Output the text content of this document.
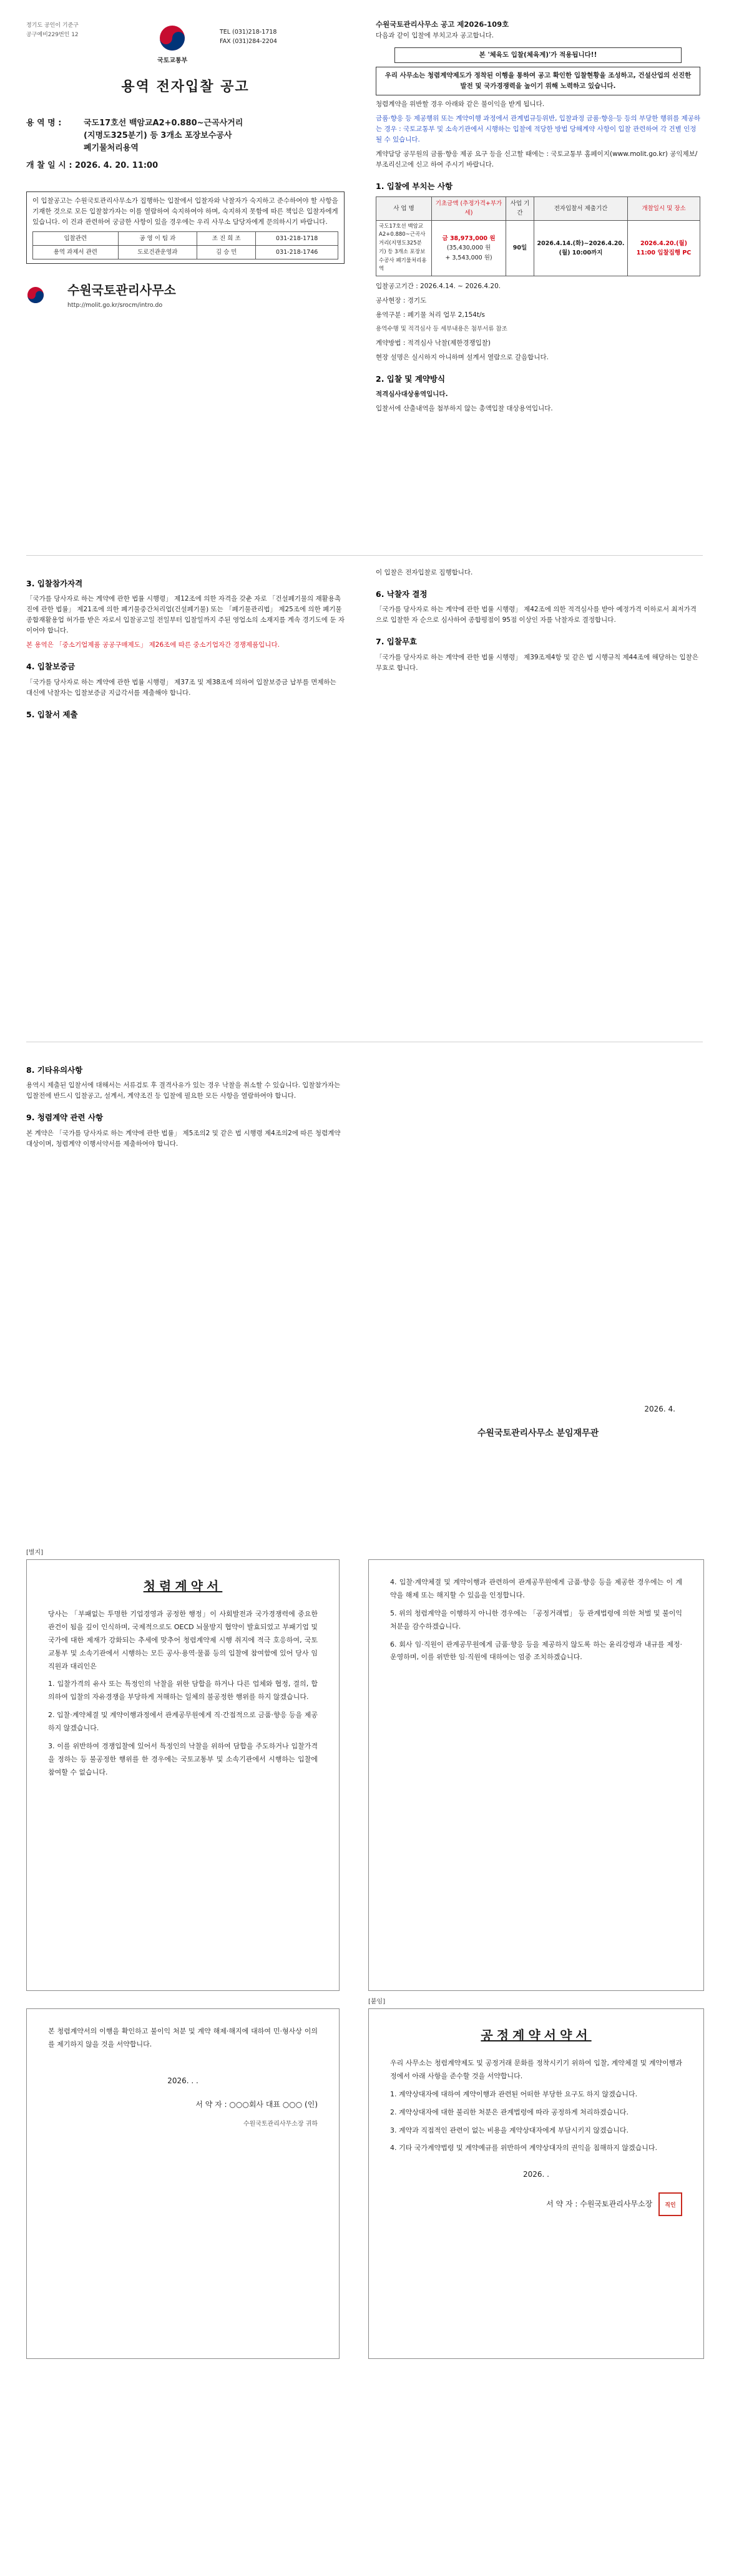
정기도 공인이 기준구
공구예비229번인 12
국토교통부
TEL (031)218-1718
FAX (031)284-2204
용역 전자입찰 공고
용 역 명 :	국도17호선 백암교A2+0.880~근곡사거리
(지명도325분기) 등 3개소 포장보수공사
폐기물처리용역
개 찰 일 시 : 2026. 4. 20. 11:00

이 입찰공고는 수원국토관리사무소가 집행하는 입찰에서 입찰자와 낙찰자가 숙지하고 준수하여야 할 사항을 기재한 것으로 모든 입찰참가자는 이를 열람하여 숙지하여야 하며, 숙지하지 못함에 따른 책임은 입찰자에게 있습니다. 이 건과 관련하여 궁금한 사항이 있을 경우에는 우리 사무소 담당자에게 문의하시기 바랍니다.

입찰관련	공 영 이 팀 과	조 진 희 조	031-218-1718
용역 과제서 관련	도로건관운영과	김 승 민	031-218-1746
수원국토관리사무소
http://molit.go.kr/srocm/intro.do
수원국토관리사무소 공고 제2026-109호
다음과 같이 입찰에 부치고자 공고합니다.
본 '체육도 입찰(체육계)'가 적용됩니다!!
우리 사무소는 청렴계약제도가 정착된 이행을 통하여 공고 확인한 입찰현황을 조성하고, 건설산업의 선진한 발전 및 국가경쟁력을 높이기 위해 노력하고 있습니다.

청렴계약을 위반할 경우 아래와 같은 불이익을 받게 됩니다.

금품·향응 등 제공행위 또는 계약이행 과정에서 관계법규등위반, 입찰과정 금품·향응·등 등의 부당한 행위를 제공하는 경우 : 국토교통부 및 소속기관에서 시행하는 입찰에 적당한 방법 당해계약 사항이 입찰 관련하여 각 건별 인정될 수 있습니다.

계약담당 공무원의 금품·향응 제공 요구 등을 신고할 때에는 : 국토교통부 홈페이지(www.molit.go.kr) 공익제보/부조리신고에 신고 하여 주시기 바랍니다.

1. 입찰에 부치는 사항
사 업 명	기초금액 (추정가격+부가세)	사업 기간	전자입찰서 제출기간	개찰일시 및 장소
국도17호선 백암교A2+0.880~근곡사거리(지명도325분기) 등 3개소 포장보수공사 폐기물처리용역	금 38,973,000 원
(35,430,000 원
+ 3,543,000 원)	90일	2026.4.14.(화)~2026.4.20.(월) 10:00까지	2026.4.20.(월) 11:00 입찰집행 PC

입찰공고기간 : 2026.4.14. ~ 2026.4.20.

공사현장 : 경기도

용역구분 : 폐기물 처리 업무 2,154t/s

용역수행 및 적격심사 등 세부내용은 첨부서류 참조

계약방법 : 적격심사 낙찰(제한경쟁입찰)

현장 설명은 실시하지 아니하며 설계서 열람으로 갈음합니다.

2. 입찰 및 계약방식

적격심사대상용역입니다.

입찰서에 산출내역을 첨부하지 않는 총액입찰 대상용역입니다.

3. 입찰참가자격

「국가를 당사자로 하는 계약에 관한 법률 시행령」 제12조에 의한 자격을 갖춘 자로 「건설폐기물의 재활용촉진에 관한 법률」 제21조에 의한 폐기물중간처리업(건설폐기물) 또는 「폐기물관리법」 제25조에 의한 폐기물종합재활용업 허가를 받은 자로서 입찰공고일 전일부터 입찰일까지 주된 영업소의 소재지를 계속 경기도에 둔 자이어야 합니다.

본 용역은 「중소기업제품 공공구매제도」 제26조에 따른 중소기업자간 경쟁제품입니다.

4. 입찰보증금

「국가를 당사자로 하는 계약에 관한 법률 시행령」 제37조 및 제38조에 의하여 입찰보증금 납부를 면제하는 대신에 낙찰자는 입찰보증금 지급각서를 제출해야 합니다.

5. 입찰서 제출

이 입찰은 전자입찰로 집행합니다.

6. 낙찰자 결정

「국가를 당사자로 하는 계약에 관한 법률 시행령」 제42조에 의한 적격심사를 받아 예정가격 이하로서 최저가격으로 입찰한 자 순으로 심사하여 종합평점이 95점 이상인 자를 낙찰자로 결정합니다.

7. 입찰무효

「국가를 당사자로 하는 계약에 관한 법률 시행령」 제39조제4항 및 같은 법 시행규칙 제44조에 해당하는 입찰은 무효로 합니다.

8. 기타유의사항

용역시 제출된 입찰서에 대해서는 서류검토 후 결격사유가 있는 경우 낙찰을 취소할 수 있습니다. 입찰참가자는 입찰전에 반드시 입찰공고, 설계서, 계약조건 등 입찰에 필요한 모든 사항을 열람하여야 합니다.

9. 청렴계약 관련 사항

본 계약은 「국가를 당사자로 하는 계약에 관한 법률」 제5조의2 및 같은 법 시행령 제4조의2에 따른 청렴계약 대상이며, 청렴계약 이행서약서를 제출하여야 합니다.

2026. 4.
수원국토관리사무소 분임재무관
[별지]
청렴계약서

당사는 「부패없는 투명한 기업경영과 공정한 행정」이 사회발전과 국가경쟁력에 중요한 관건이 됨을 깊이 인식하며, 국제적으로도 OECD 뇌물방지 협약이 발효되었고 부패기업 및 국가에 대한 제재가 강화되는 추세에 맞추어 청렴계약제 시행 취지에 적극 호응하여, 국토교통부 및 소속기관에서 시행하는 모든 공사·용역·물품 등의 입찰에 참여함에 있어 당사 임직원과 대리인은

1. 입찰가격의 유사 또는 특정인의 낙찰을 위한 담합을 하거나 다른 업체와 협정, 결의, 합의하여 입찰의 자유경쟁을 부당하게 저해하는 일체의 불공정한 행위를 하지 않겠습니다.

2. 입찰·계약체결 및 계약이행과정에서 관계공무원에게 직·간접적으로 금품·향응 등을 제공하지 않겠습니다.

3. 이를 위반하여 경쟁입찰에 있어서 특정인의 낙찰을 위하여 담합을 주도하거나 입찰가격을 정하는 등 불공정한 행위를 한 경우에는 국토교통부 및 소속기관에서 시행하는 입찰에 참여할 수 없습니다.

4. 입찰·계약체결 및 계약이행과 관련하여 관계공무원에게 금품·향응 등을 제공한 경우에는 이 계약을 해제 또는 해지할 수 있음을 인정합니다.

5. 위의 청렴계약을 이행하지 아니한 경우에는 「공정거래법」 등 관계법령에 의한 처벌 및 불이익 처분을 감수하겠습니다.

6. 회사 임·직원이 관계공무원에게 금품·향응 등을 제공하지 않도록 하는 윤리강령과 내규를 제정·운영하며, 이를 위반한 임·직원에 대하여는 엄중 조치하겠습니다.

본 청렴계약서의 이행을 확인하고 불이익 처분 및 계약 해제·해지에 대하여 민·형사상 이의를 제기하지 않을 것을 서약합니다.

2026. . .
서 약 자 : ○○○회사 대표 ○○○ (인)
수원국토관리사무소장 귀하
[붙임]
공정계약서약서

우리 사무소는 청렴계약제도 및 공정거래 문화를 정착시키기 위하여 입찰, 계약체결 및 계약이행과정에서 아래 사항을 준수할 것을 서약합니다.

1. 계약상대자에 대하여 계약이행과 관련된 어떠한 부당한 요구도 하지 않겠습니다.

2. 계약상대자에 대한 불리한 처분은 관계법령에 따라 공정하게 처리하겠습니다.

3. 계약과 직접적인 관련이 없는 비용을 계약상대자에게 부담시키지 않겠습니다.

4. 기타 국가계약법령 및 계약예규를 위반하여 계약상대자의 권익을 침해하지 않겠습니다.

2026. .
서 약 자 : 수원국토관리사무소장 직인
